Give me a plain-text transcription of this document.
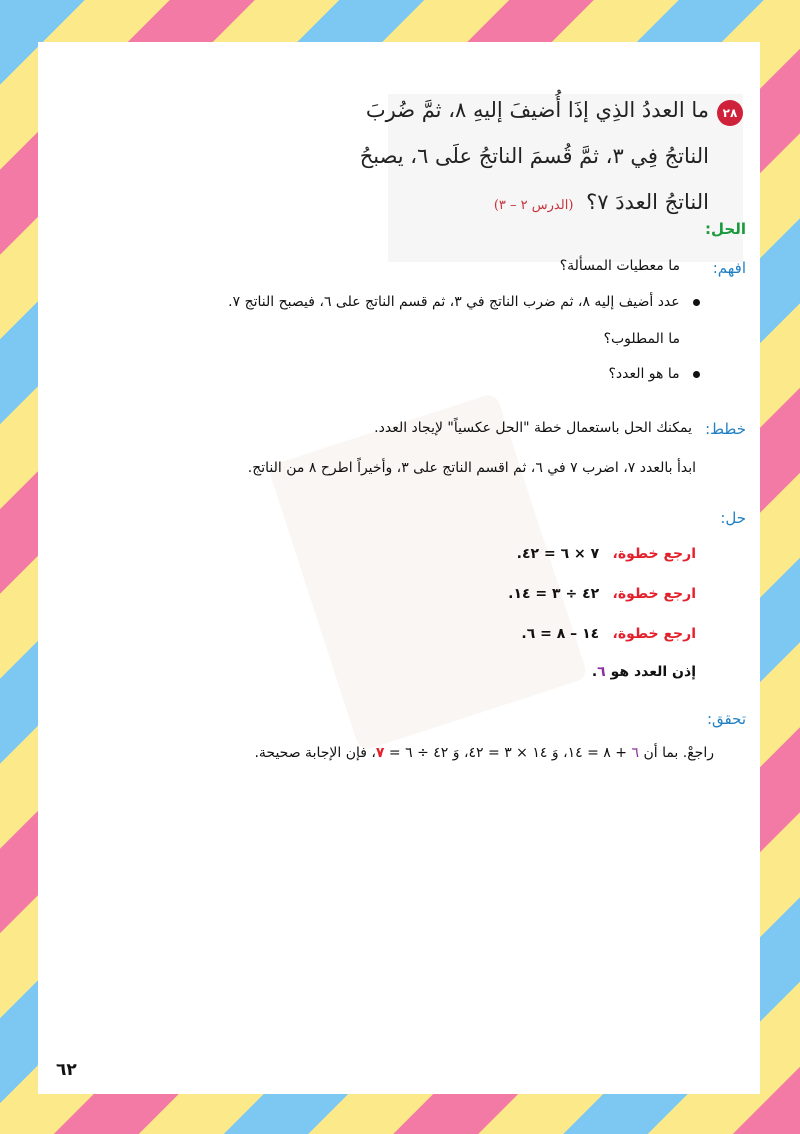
٢٨
ما العددُ الذِي إذَا أُضيفَ إليهِ ٨، ثمَّ ضُربَ
الناتجُ فِي ٣، ثمَّ قُسمَ الناتجُ علَى ٦، يصبحُ
الناتجُ العددَ ٧؟ (الدرس ٢ – ٣)
الحل:
افهم:
ما معطيات المسألة؟
عدد أضيف إليه ٨، ثم ضرب الناتج في ٣، ثم قسم الناتج على ٦، فيصبح الناتج ٧.
ما المطلوب؟
ما هو العدد؟
خطط:
يمكنك الحل باستعمال خطة "الحل عكسياً" لإيجاد العدد.
ابدأ بالعدد ٧، اضرب ٧ في ٦، ثم اقسم الناتج على ٣، وأخيراً اطرح ٨ من الناتج.
حل:
ارجع خطوة،   ٧ × ٦ = ٤٢.
ارجع خطوة،   ٤٢ ÷ ٣ = ١٤.
ارجع خطوة،   ١٤ – ٨ = ٦.
إذن العدد هو ٦.
تحقق:
راجعْ. بما أن ٦ + ٨ = ١٤، وَ ١٤ × ٣ = ٤٢، وَ ٤٢ ÷ ٦ = ٧، فإن الإجابة صحيحة.
٦٢
